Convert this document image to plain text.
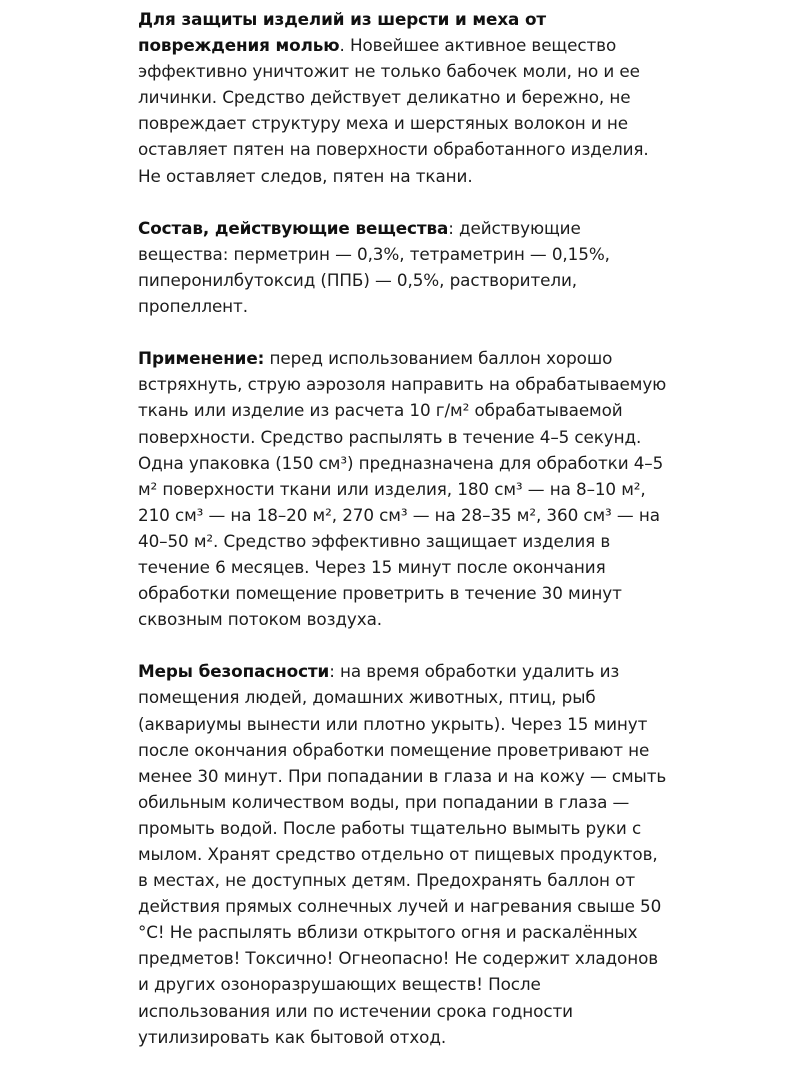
Для защиты изделий из шерсти и меха от повреждения молью. Новейшее активное вещество эффективно уничтожит не только бабочек моли, но и ее личинки. Средство действует деликатно и бережно, не повреждает структуру меха и шерстяных волокон и не оставляет пятен на поверхности обработанного изделия. Не оставляет следов, пятен на ткани.

Состав, действующие вещества: действующие вещества: перметрин — 0,3%, тетраметрин — 0,15%, пиперонилбутоксид (ППБ) — 0,5%, растворители, пропеллент.

Применение: перед использованием баллон хорошо встряхнуть, струю аэрозоля направить на обрабатываемую ткань или изделие из расчета 10 г/м² обрабатываемой поверхности. Средство распылять в течение 4–5 секунд. Одна упаковка (150 см³) предназначена для обработки 4–5 м² поверхности ткани или изделия, 180 см³ — на 8–10 м², 210 см³ — на 18–20 м², 270 см³ — на 28–35 м², 360 см³ — на 40–50 м². Средство эффективно защищает изделия в течение 6 месяцев. Через 15 минут после окончания обработки помещение проветрить в течение 30 минут сквозным потоком воздуха.

Меры безопасности: на время обработки удалить из помещения людей, домашних животных, птиц, рыб (аквариумы вынести или плотно укрыть). Через 15 минут после окончания обработки помещение проветривают не менее 30 минут. При попадании в глаза и на кожу — смыть обильным количеством воды, при попадании в глаза — промыть водой. После работы тщательно вымыть руки с мылом. Хранят средство отдельно от пищевых продуктов, в местах, не доступных детям. Предохранять баллон от действия прямых солнечных лучей и нагревания свыше 50 °С! Не распылять вблизи открытого огня и раскалённых предметов! Токсично! Огнеопасно! Не содержит хладонов и других озоноразрушающих веществ! После использования или по истечении срока годности утилизировать как бытовой отход.
